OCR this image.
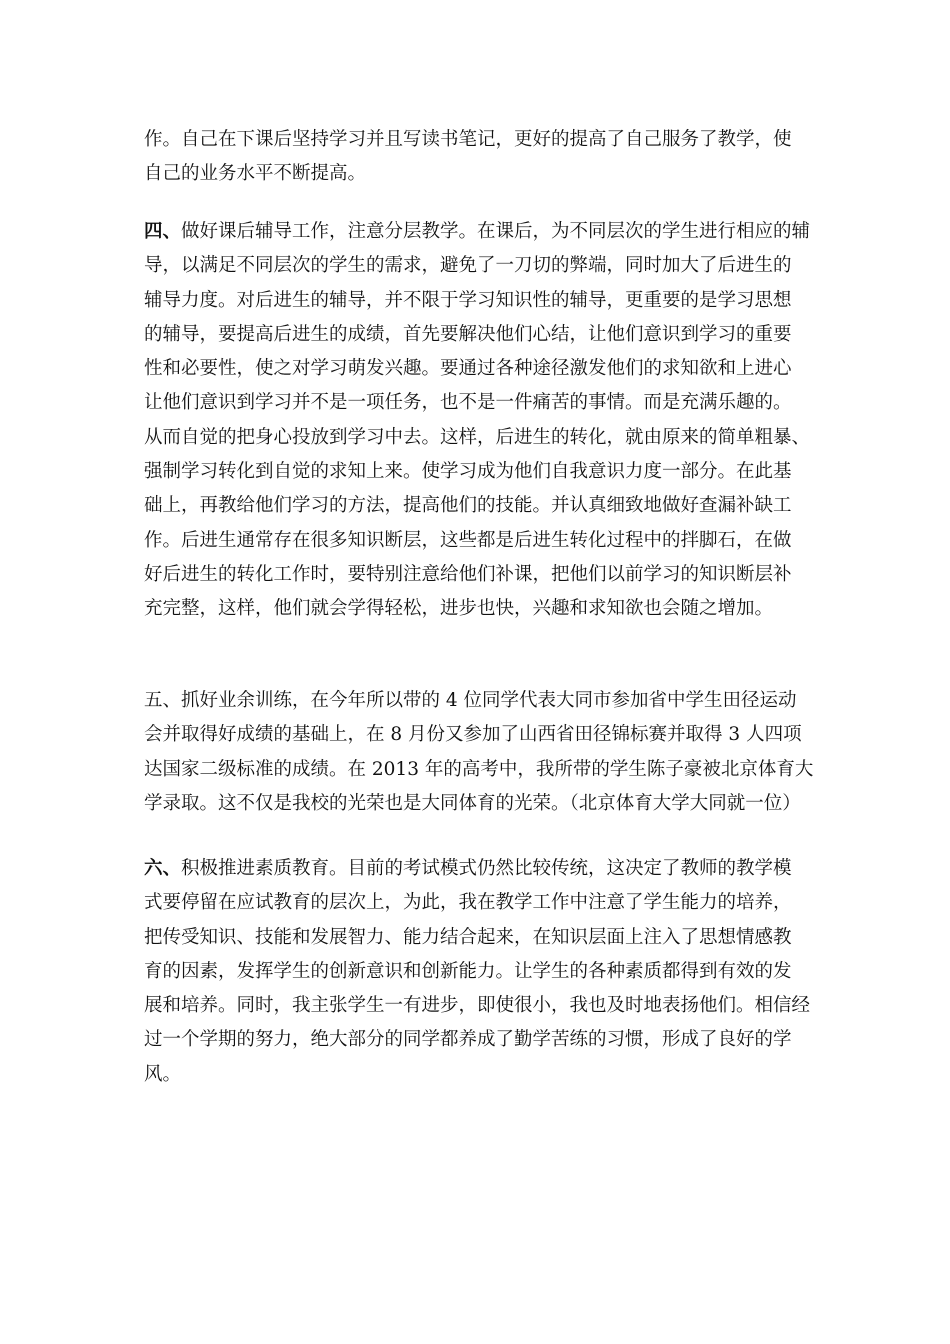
作。自己在下课后坚持学习并且写读书笔记，更好的提高了自己服务了教学，使
自己的业务水平不断提高。
四、做好课后辅导工作，注意分层教学。在课后，为不同层次的学生进行相应的辅
导，以满足不同层次的学生的需求，避免了一刀切的弊端，同时加大了后进生的
辅导力度。对后进生的辅导，并不限于学习知识性的辅导，更重要的是学习思想
的辅导，要提高后进生的成绩，首先要解决他们心结，让他们意识到学习的重要
性和必要性，使之对学习萌发兴趣。要通过各种途径激发他们的求知欲和上进心
让他们意识到学习并不是一项任务，也不是一件痛苦的事情。而是充满乐趣的。
从而自觉的把身心投放到学习中去。这样，后进生的转化，就由原来的简单粗暴、
强制学习转化到自觉的求知上来。使学习成为他们自我意识力度一部分。在此基
础上，再教给他们学习的方法，提高他们的技能。并认真细致地做好查漏补缺工
作。后进生通常存在很多知识断层，这些都是后进生转化过程中的拌脚石，在做
好后进生的转化工作时，要特别注意给他们补课，把他们以前学习的知识断层补
充完整，这样，他们就会学得轻松，进步也快，兴趣和求知欲也会随之增加。
五、抓好业余训练，在今年所以带的 4 位同学代表大同市参加省中学生田径运动
会并取得好成绩的基础上，在 8 月份又参加了山西省田径锦标赛并取得 3 人四项
达国家二级标准的成绩。在 2013 年的高考中，我所带的学生陈子豪被北京体育大
学录取。这不仅是我校的光荣也是大同体育的光荣。（北京体育大学大同就一位）
六、积极推进素质教育。目前的考试模式仍然比较传统，这决定了教师的教学模
式要停留在应试教育的层次上，为此，我在教学工作中注意了学生能力的培养，
把传受知识、技能和发展智力、能力结合起来，在知识层面上注入了思想情感教
育的因素，发挥学生的创新意识和创新能力。让学生的各种素质都得到有效的发
展和培养。同时，我主张学生一有进步，即使很小，我也及时地表扬他们。相信经
过一个学期的努力，绝大部分的同学都养成了勤学苦练的习惯，形成了良好的学
风。
